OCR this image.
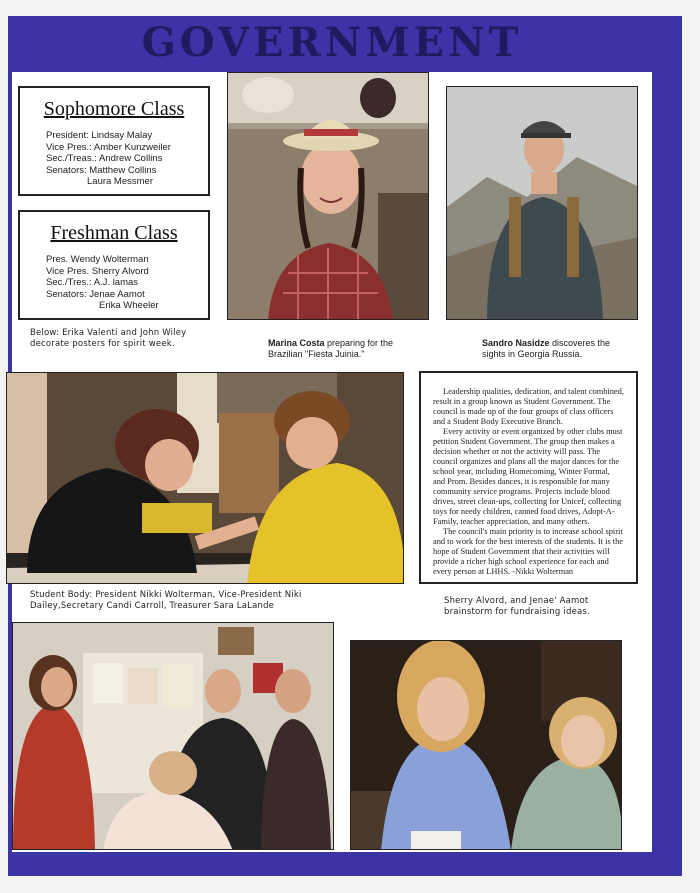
GOVERNMENT
Sophomore Class
President: Lindsay Malay
Vice Pres.: Amber Kunzweiler
Sec./Treas.: Andrew Collins
Senators: Matthew Collins
Laura Messmer
Freshman Class
Pres. Wendy Wolterman
Vice Pres. Sherry Alvord
Sec./Tres.: A.J. lamas
Senators: Jenae Aamot
Erika Wheeler
Below: Erika Valenti and John Wiley decorate posters for spirit week.	Marina Costa preparing for the Brazilian "Fiesta Juinia."
Sandro Nasidze discoveres the sights in Georgia Russia.

Leadership qualities, dedication, and talent combined, result in a group known as Student Government. The council is made up of the four groups of class officers and a Student Body Executive Branch.

Every activity or event organized by other clubs must petition Student Government. The group then makes a decision whether or not the activity will pass. The council organizes and plans all the major dances for the school year, including Homecoming, Winter Formal, and Prom. Besides dances, it is responsible for many community service programs. Projects include blood drives, street clean-ups, collecting for Unicef, collecting toys for needy children, canned food drives, Adopt-A-Family, teacher appreciation, and many others.

The council's main priority is to increase school spirit and to work for the best interests of the students. It is the hope of Student Government that their activities will provide a richer high school experience for each and every person at LHHS. -Nikki Wolterman

Student Body: President Nikki Wolterman, Vice-President Niki Dailey,Secretary Candi Carroll, Treasurer Sara LaLande	Sherry Alvord, and Jenae' Aamot brainstorm for fundraising ideas.
